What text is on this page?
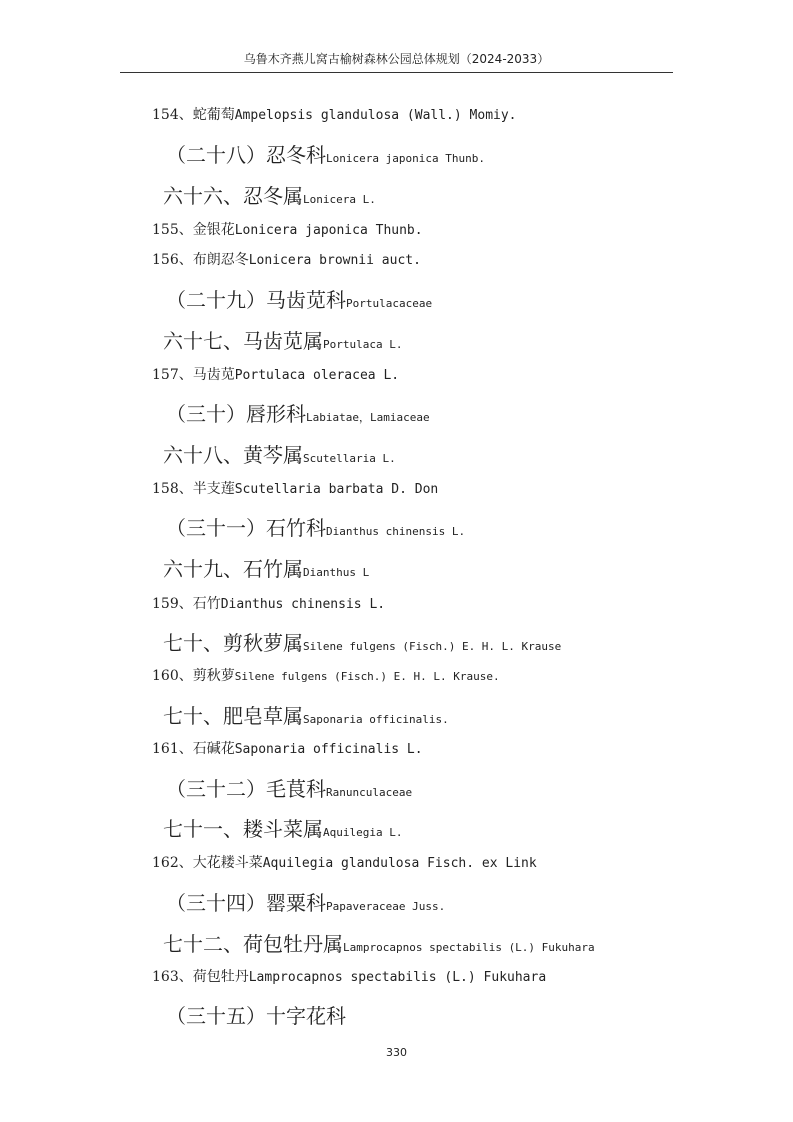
乌鲁木齐燕儿窝古榆树森林公园总体规划（2024-2033）
154、蛇葡萄Ampelopsis glandulosa (Wall.) Momiy.
（二十八）忍冬科Lonicera japonica Thunb.
六十六、忍冬属Lonicera L.
155、金银花Lonicera japonica Thunb.
156、布朗忍冬Lonicera brownii auct.
（二十九）马齿苋科Portulacaceae
六十七、马齿苋属Portulaca L.
157、马齿苋Portulaca oleracea L.
（三十）唇形科Labiatae，Lamiaceae
六十八、黄芩属Scutellaria L.
158、半支莲Scutellaria barbata D. Don
（三十一）石竹科Dianthus chinensis L.
六十九、石竹属Dianthus L
159、石竹Dianthus chinensis L.
七十、剪秋萝属Silene fulgens (Fisch.) E. H. L. Krause
160、剪秋萝Silene fulgens (Fisch.) E. H. L. Krause.
七十、肥皂草属Saponaria officinalis.
161、石碱花Saponaria officinalis L.
（三十二）毛茛科Ranunculaceae
七十一、耧斗菜属Aquilegia L.
162、大花耧斗菜Aquilegia glandulosa Fisch. ex Link
（三十四）罂粟科Papaveraceae Juss.
七十二、荷包牡丹属Lamprocapnos spectabilis (L.) Fukuhara
163、荷包牡丹Lamprocapnos spectabilis (L.) Fukuhara
（三十五）十字花科
330
